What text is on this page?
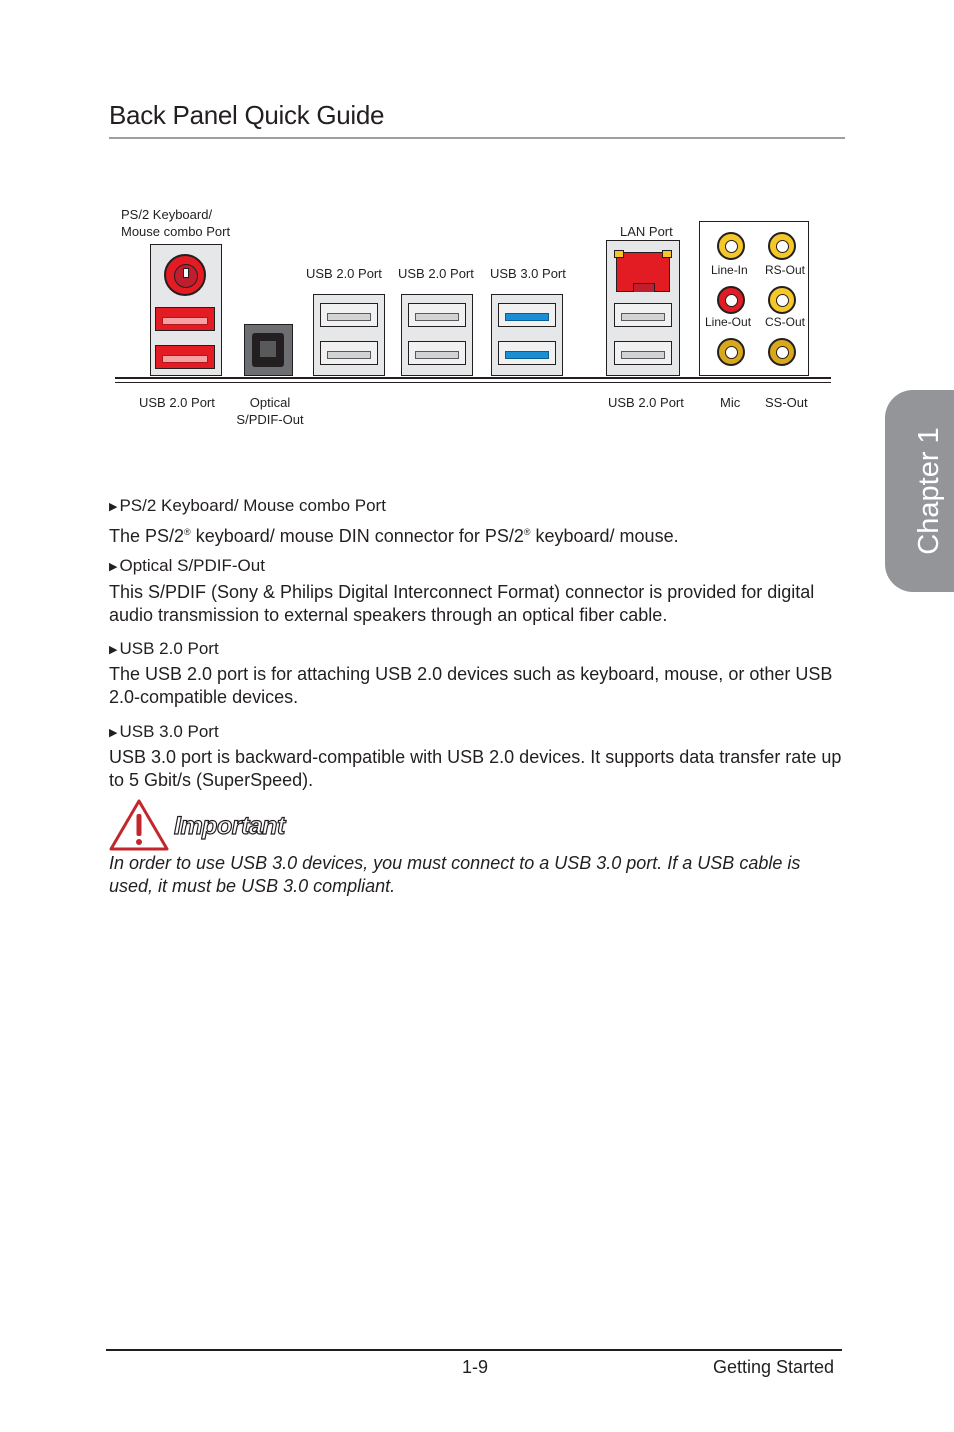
Back Panel Quick Guide
Chapter 1
PS/2 Keyboard/
Mouse combo Port
USB 2.0 Port USB 2.0 Port USB 3.0 Port
LAN Port
Line-In RS-Out
Line-Out CS-Out
USB 2.0 Port	Optical
S/PDIF-Out
USB 2.0 Port	Mic SS-Out
▶ PS/2 Keyboard/ Mouse combo Port
The PS/2® keyboard/ mouse DIN connector for PS/2® keyboard/ mouse.
▶ Optical S/PDIF-Out
This S/PDIF (Sony & Philips Digital Interconnect Format) connector is provided for digital audio transmission to external speakers through an optical fiber cable.
▶ USB 2.0 Port
The USB 2.0 port is for attaching USB 2.0 devices such as keyboard, mouse, or other USB 2.0-compatible devices.
▶ USB 3.0 Port
USB 3.0 port is backward-compatible with USB 2.0 devices. It supports data transfer rate up to 5 Gbit/s (SuperSpeed).
Important
In order to use USB 3.0 devices, you must connect to a USB 3.0 port. If a USB cable is used, it must be USB 3.0 compliant.
1-9	Getting Started
